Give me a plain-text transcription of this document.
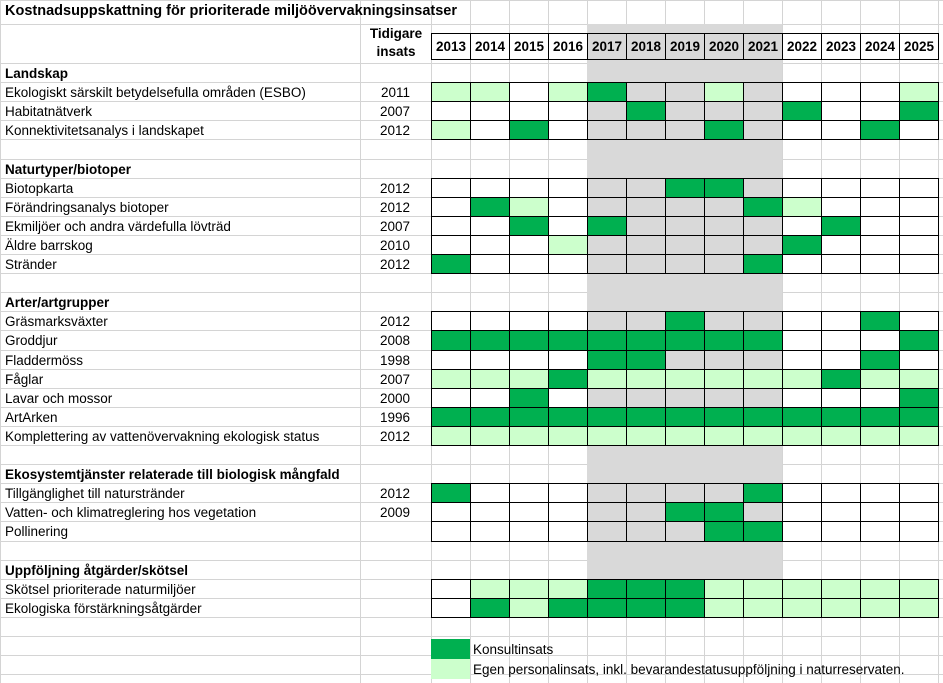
Kostnadsuppskattning för prioriterade miljöövervakningsinsatser
Tidigare
insats	2013 2014 2015 2016 2017 2018 2019 2020 2021 2022 2023 2024 2025
Landskap
Ekologiskt särskilt betydelsefulla områden (ESBO)	2011
Habitatnätverk	2007
Konnektivitetsanalys i landskapet	2012
Naturtyper/biotoper
Biotopkarta	2012
Förändringsanalys biotoper	2012
Ekmiljöer och andra värdefulla lövträd	2007
Äldre barrskog	2010
Stränder	2012
Arter/artgrupper
Gräsmarksväxter	2012
Groddjur	2008
Fladdermöss	1998
Fåglar	2007
Lavar och mossor	2000
ArtArken	1996
Komplettering av vattenövervakning ekologisk status	2012
Ekosystemtjänster relaterade till biologisk mångfald
Tillgänglighet till naturstränder	2012
Vatten- och klimatreglering hos vegetation	2009
Pollinering
Uppföljning åtgärder/skötsel
Skötsel prioriterade naturmiljöer
Ekologiska förstärkningsåtgärder
Konsultinsats
Egen personalinsats, inkl. bevarandestatusuppföljning i naturreservaten.
